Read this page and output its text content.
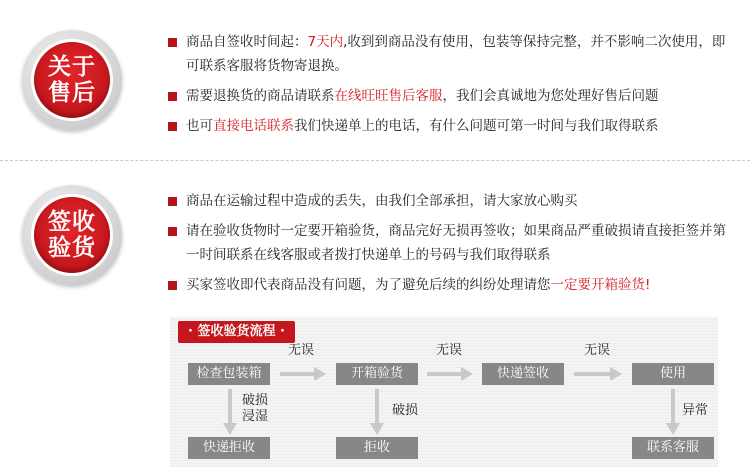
关于
售后
商品自签收时间起：7天内,收到到商品没有使用，包装等保持完整，并不影响二次使用，即可联系客服将货物寄退换。
需要退换货的商品请联系在线旺旺售后客服，我们会真诚地为您处理好售后问题
也可直接电话联系我们快递单上的电话，有什么问题可第一时间与我们取得联系
签收
验货
商品在运输过程中造成的丢失，由我们全部承担，请大家放心购买
请在验收货物时一定要开箱验货，商品完好无损再签收；如果商品严重破损请直接拒签并第一时间联系在线客服或者拨打快递单上的号码与我们取得联系
买家签收即代表商品没有问题，为了避免后续的纠纷处理请您一定要开箱验货!
· 签收验货流程 ·
检查包装箱	开箱验货	快递签收	使用
无误	无误	无误
破损浸湿
快递拒收
破损
拒收
异常
联系客服
